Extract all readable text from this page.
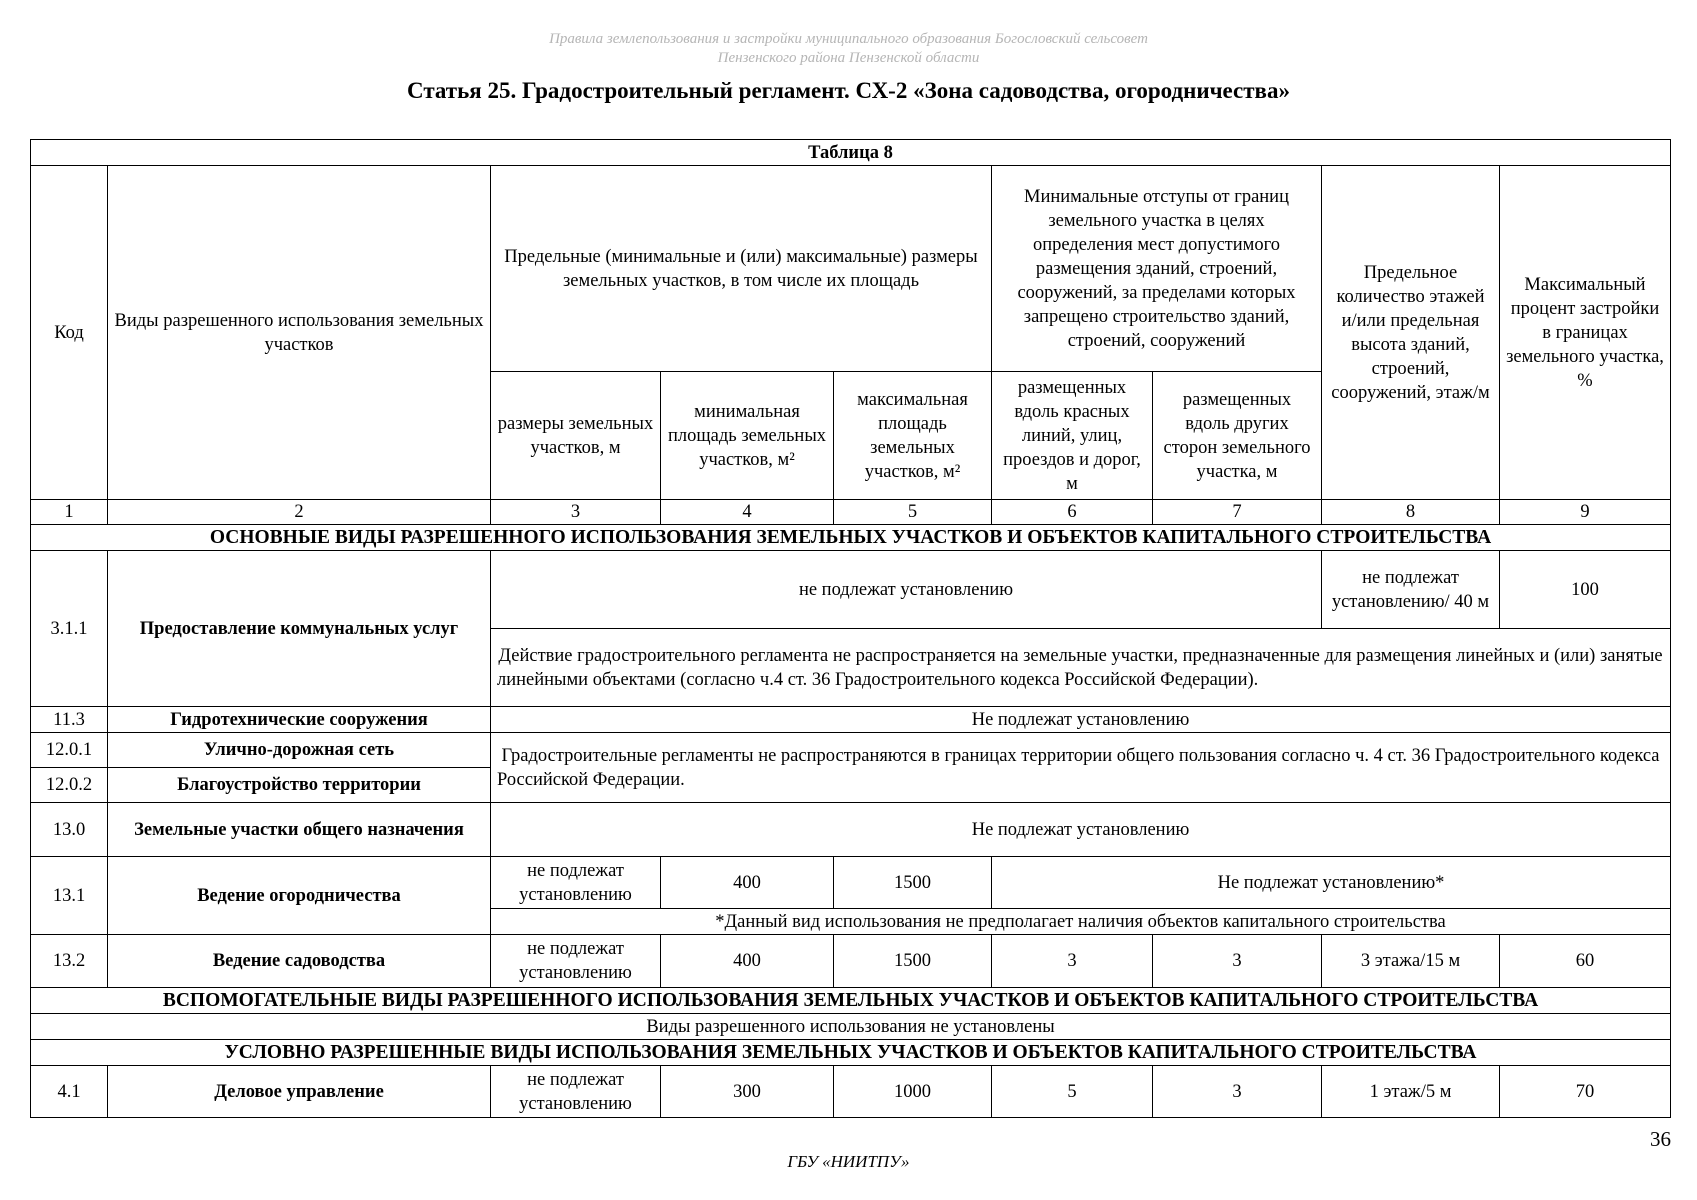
Правила землепользования и застройки муниципального образования Богословский сельсовет
Пензенского района Пензенской области
Статья 25. Градостроительный регламент. СХ-2 «Зона садоводства, огородничества»
Таблица 8								
Код	Виды разрешенного использования земельных участков	Предельные (минимальные и (или) максимальные) размеры земельных участков, в том числе их площадь			Минимальные отступы от границ земельного участка в целях определения мест допустимого размещения зданий, строений, сооружений, за пределами которых запрещено строительство зданий, строений, сооружений		Предельное количество этажей и/или предельная высота зданий, строений, сооружений, этаж/м	Максимальный процент застройки в границах земельного участка, %
		размеры земельных участков, м	минимальная площадь земельных участков, м²	максимальная площадь земельных участков, м²	размещенных вдоль красных линий, улиц, проездов и дорог, м	размещенных вдоль других сторон земельного участка, м		
1	2	3	4	5	6	7	8	9
ОСНОВНЫЕ ВИДЫ РАЗРЕШЕННОГО ИСПОЛЬЗОВАНИЯ ЗЕМЕЛЬНЫХ УЧАСТКОВ И ОБЪЕКТОВ КАПИТАЛЬНОГО СТРОИТЕЛЬСТВА								
3.1.1	Предоставление коммунальных услуг	не подлежат установлению					не подлежат установлению/ 40 м	100
		Действие градостроительного регламента не распространяется на земельные участки, предназначенные для размещения линейных и (или) занятые линейными объектами (согласно ч.4 ст. 36 Градостроительного кодекса Российской Федерации).						
11.3	Гидротехнические сооружения	Не подлежат установлению						
12.0.1	Улично-дорожная сеть	Градостроительные регламенты не распространяются в границах территории общего пользования согласно ч. 4 ст. 36 Градостроительного кодекса Российской Федерации.						
12.0.2	Благоустройство территории							
13.0	Земельные участки общего назначения	Не подлежат установлению						
13.1	Ведение огородничества	не подлежат установлению	400	1500	Не подлежат установлению*			
		*Данный вид использования не предполагает наличия объектов капитального строительства						
13.2	Ведение садоводства	не подлежат установлению	400	1500	3	3	3 этажа/15 м	60
ВСПОМОГАТЕЛЬНЫЕ ВИДЫ РАЗРЕШЕННОГО ИСПОЛЬЗОВАНИЯ ЗЕМЕЛЬНЫХ УЧАСТКОВ И ОБЪЕКТОВ КАПИТАЛЬНОГО СТРОИТЕЛЬСТВА								
Виды разрешенного использования не установлены								
УСЛОВНО РАЗРЕШЕННЫЕ ВИДЫ ИСПОЛЬЗОВАНИЯ ЗЕМЕЛЬНЫХ УЧАСТКОВ И ОБЪЕКТОВ КАПИТАЛЬНОГО СТРОИТЕЛЬСТВА								
4.1	Деловое управление	не подлежат установлению	300	1000	5	3	1 этаж/5 м	70
36
ГБУ «НИИТПУ»
